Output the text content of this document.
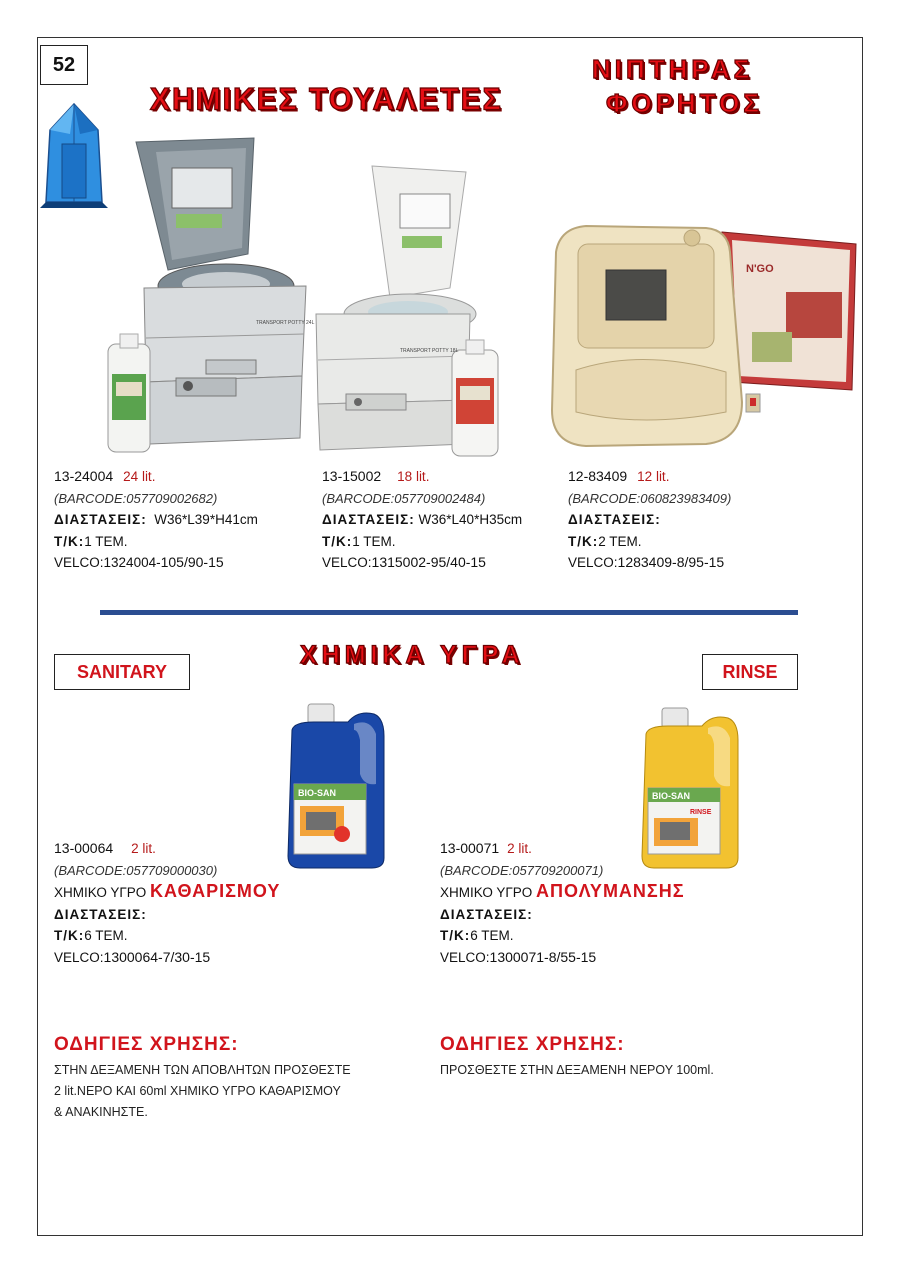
52
ΧΗΜΙΚΕΣ ΤΟΥΑΛΕΤΕΣ
ΝΙΠΤΗΡΑΣ
ΦΟΡΗΤΟΣ
TRANSPORT POTTY 24L
TRANSPORT POTTY 18L
N'GO
13-24004 24 lit.
(BARCODE:057709002682)
ΔΙΑΣΤΑΣΕΙΣ: W36*L39*H41cm
Τ/Κ:1 ΤΕΜ.
VELCO:1324004-105/90-15
13-15002 18 lit.
(BARCODE:057709002484)
ΔΙΑΣΤΑΣΕΙΣ: W36*L40*H35cm
Τ/Κ:1 ΤΕΜ.
VELCO:1315002-95/40-15
12-83409 12 lit.
(BARCODE:060823983409)
ΔΙΑΣΤΑΣΕΙΣ:
Τ/Κ:2 ΤΕΜ.
VELCO:1283409-8/95-15
ΧΗΜΙΚΑ ΥΓΡΑ
SANITARY	RINSE
BIO-SAN	BIO-SAN
RINSE
13-00064 2 lit.
(BARCODE:057709000030)
ΧΗΜΙΚΟ ΥΓΡΟ ΚΑΘΑΡΙΣΜΟΥ
ΔΙΑΣΤΑΣΕΙΣ:
Τ/Κ:6 ΤΕΜ.
VELCO:1300064-7/30-15
13-00071 2 lit.
(BARCODE:057709200071)
ΧΗΜΙΚΟ ΥΓΡΟ ΑΠΟΛΥΜΑΝΣΗΣ
ΔΙΑΣΤΑΣΕΙΣ:
Τ/Κ:6 ΤΕΜ.
VELCO:1300071-8/55-15
ΟΔΗΓΙΕΣ ΧΡΗΣΗΣ:
ΣΤΗΝ ΔΕΞΑΜΕΝΗ ΤΩΝ ΑΠΟΒΛΗΤΩΝ ΠΡΟΣΘΕΣΤΕ
2 lit.ΝΕΡΟ ΚΑΙ 60ml ΧΗΜΙΚΟ ΥΓΡΟ ΚΑΘΑΡΙΣΜΟΥ
& ΑΝΑΚΙΝΗΣΤΕ.
ΟΔΗΓΙΕΣ ΧΡΗΣΗΣ:
ΠΡΟΣΘΕΣΤΕ ΣΤΗΝ ΔΕΞΑΜΕΝΗ ΝΕΡΟΥ 100ml.
